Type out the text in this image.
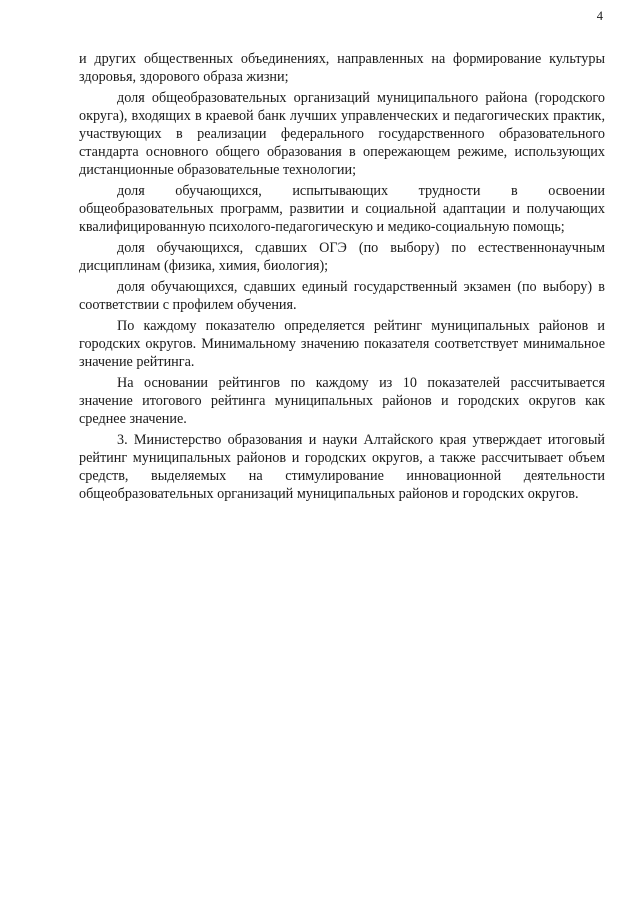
4

и других общественных объединениях, направленных на формирование культуры здоровья, здорового образа жизни;

доля общеобразовательных организаций муниципального района (городского округа), входящих в краевой банк лучших управленческих и педагогических практик, участвующих в реализации федерального государственного образовательного стандарта основного общего образования в опережающем режиме, использующих дистанционные образовательные технологии;

доля обучающихся, испытывающих трудности в освоении общеобразовательных программ, развитии и социальной адаптации и получающих квалифицированную психолого-педагогическую и медико-социальную помощь;

доля обучающихся, сдавших ОГЭ (по выбору) по естественнонаучным дисциплинам (физика, химия, биология);

доля обучающихся, сдавших единый государственный экзамен (по выбору) в соответствии с профилем обучения.

По каждому показателю определяется рейтинг муниципальных районов и городских округов. Минимальному значению показателя соответствует минимальное значение рейтинга.

На основании рейтингов по каждому из 10 показателей рассчитывается значение итогового рейтинга муниципальных районов и городских округов как среднее значение.

3. Министерство образования и науки Алтайского края утверждает итоговый рейтинг муниципальных районов и городских округов, а также рассчитывает объем средств, выделяемых на стимулирование инновационной деятельности общеобразовательных организаций муниципальных районов и городских округов.
